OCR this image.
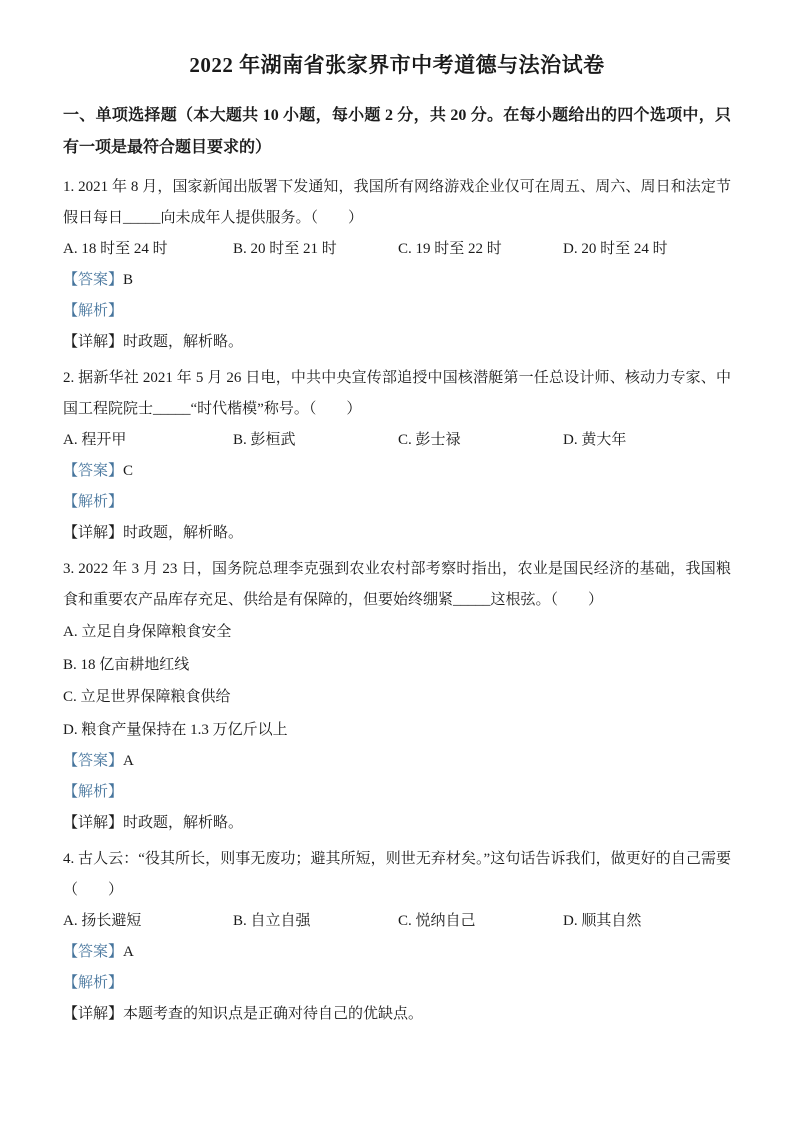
2022 年湖南省张家界市中考道德与法治试卷

一、单项选择题（本大题共 10 小题，每小题 2 分，共 20 分。在每小题给出的四个选项中，只有一项是最符合题目要求的）

1. 2021 年 8 月，国家新闻出版署下发通知，我国所有网络游戏企业仅可在周五、周六、周日和法定节假日每日_____向未成年人提供服务。（　　）

A. 18 时至 24 时	B. 20 时至 21 时	C. 19 时至 22 时	D. 20 时至 24 时

【答案】B

【解析】

【详解】时政题，解析略。

2. 据新华社 2021 年 5 月 26 日电，中共中央宣传部追授中国核潜艇第一任总设计师、核动力专家、中国工程院院士_____“时代楷模”称号。（　　）

A. 程开甲	B. 彭桓武	C. 彭士禄	D. 黄大年

【答案】C

【解析】

【详解】时政题，解析略。

3. 2022 年 3 月 23 日，国务院总理李克强到农业农村部考察时指出，农业是国民经济的基础，我国粮食和重要农产品库存充足、供给是有保障的，但要始终绷紧_____这根弦。（　　）

A. 立足自身保障粮食安全
B. 18 亿亩耕地红线
C. 立足世界保障粮食供给
D. 粮食产量保持在 1.3 万亿斤以上

【答案】A

【解析】

【详解】时政题，解析略。

4. 古人云：“役其所长，则事无废功；避其所短，则世无弃材矣。”这句话告诉我们，做更好的自己需要（　　）

A. 扬长避短	B. 自立自强	C. 悦纳自己	D. 顺其自然

【答案】A

【解析】

【详解】本题考查的知识点是正确对待自己的优缺点。
